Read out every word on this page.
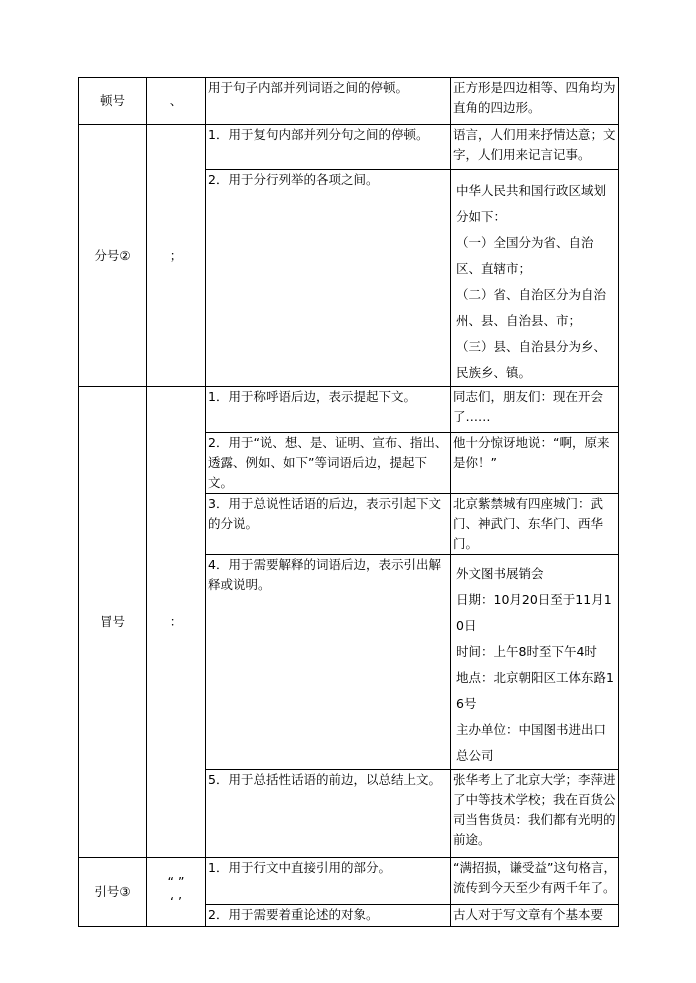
顿号	、	用于句子内部并列词语之间的停顿。	正方形是四边相等、四角均为直角的四边形。
分号②	；	1．用于复句内部并列分句之间的停顿。	语言，人们用来抒情达意；文字，人们用来记言记事。
		2．用于分行列举的各项之间。	中华人民共和国行政区域划分如下：

（一）全国分为省、自治区、直辖市；

（二）省、自治区分为自治州、县、自治县、市；

（三）县、自治县分为乡、民族乡、镇。

冒号	：	1．用于称呼语后边，表示提起下文。	同志们，朋友们：现在开会了……
		2．用于“说、想、是、证明、宣布、指出、透露、例如、如下”等词语后边，提起下文。	他十分惊讶地说：“啊，原来是你！”
		3．用于总说性话语的后边，表示引起下文的分说。	北京紫禁城有四座城门：武门、神武门、东华门、西华门。
		4．用于需要解释的词语后边，表示引出解释或说明。	外文图书展销会

日期：10月20日至于11月10日

时间：上午8时至下午4时

地点：北京朝阳区工体东路16号

主办单位：中国图书进出口总公司

		5．用于总括性话语的前边，以总结上文。	张华考上了北京大学；李萍进了中等技术学校；我在百货公司当售货员：我们都有光明的前途。
引号③	“ ”
‘ ’	1．用于行文中直接引用的部分。	“满招损，谦受益”这句格言，流传到今天至少有两千年了。
		2．用于需要着重论述的对象。	古人对于写文章有个基本要
